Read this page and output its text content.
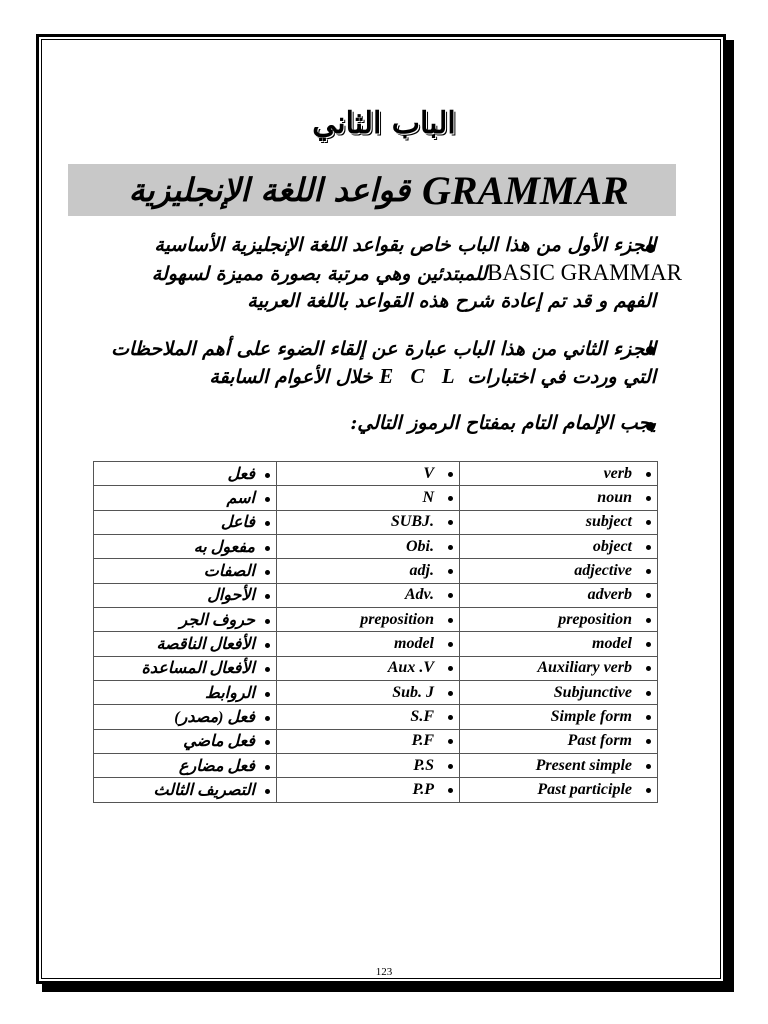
الباب الثاني
قواعد اللغة الإنجليزية GRAMMAR
الجزء الأول من هذا الباب خاص بقواعد اللغة الإنجليزية الأساسية
BASIC GRAMMARللمبتدئين وهي مرتبة بصورة مميزة لسهولة
الفهم و قد تم إعادة شرح هذه القواعد باللغة العربية
الجزء الثاني من هذا الباب عبارة عن إلقاء الضوء على أهم الملاحظات
التي وردت في اختبارات E C L خلال الأعوام السابقة
يجب الإلمام التام بمفتاح الرموز التالي:
فعل	V	verb
اسم	N	noun
فاعل	SUBJ.	subject
مفعول به	Obi.	object
الصفات	adj.	adjective
الأحوال	Adv.	adverb
حروف الجر	preposition	preposition
الأفعال الناقصة	model	model
الأفعال المساعدة	Aux .V	Auxiliary verb
الروابط	Sub. J	Subjunctive
فعل (مصدر)	S.F	Simple form
فعل ماضي	P.F	Past form
فعل مضارع	P.S	Present simple
التصريف الثالث	P.P	Past participle
123
